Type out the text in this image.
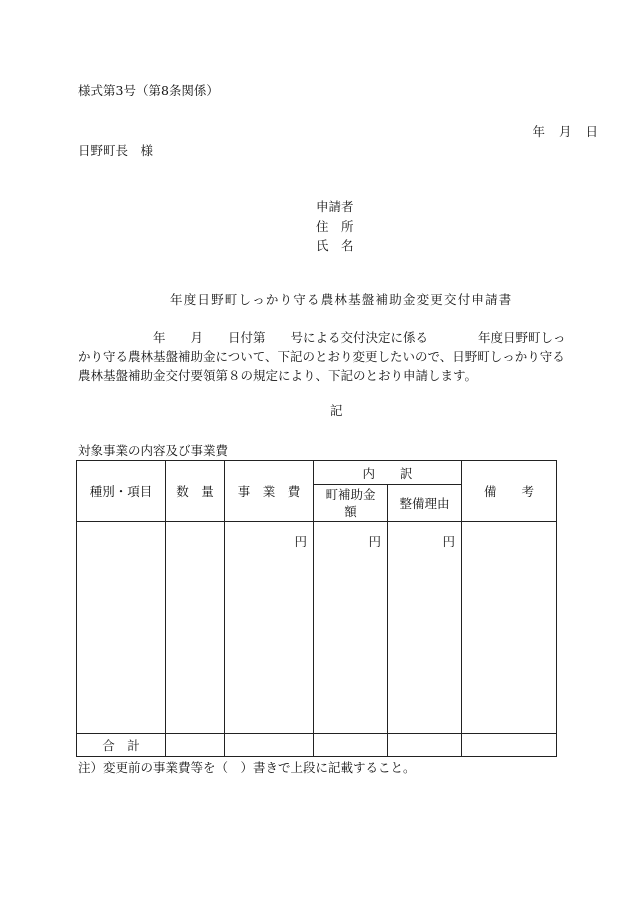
様式第3号（第8条関係）
年 月 日
日野町長　様
申請者
住　所
氏　名
年度日野町しっかり守る農林基盤補助金変更交付申請書
　　　　　　年　　月　　日付第　　号による交付決定に係る　　　　年度日野町しっ
かり守る農林基盤補助金について、下記のとおり変更したいので、日野町しっかり守る
農林基盤補助金交付要領第８の規定により、下記のとおり申請します。
記
対象事業の内容及び事業費
種別・項目	数　量	事　業　費	内　　訳		備　　考
			町補助金額	整備理由	
		円	円	円	
合　計					
注）変更前の事業費等を（　）書きで上段に記載すること。
